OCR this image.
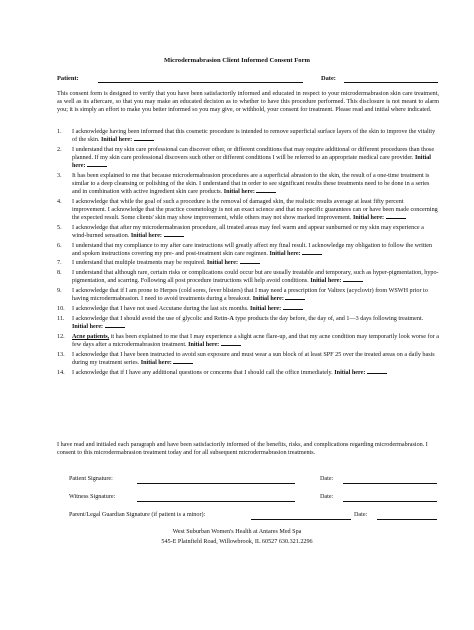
Microdermabrasion Client Informed Consent Form
Patient:	Date:
This consent form is designed to verify that you have been satisfactorily informed and educated in respect to your microdermabrasion skin care treatment, as well as its aftercare, so that you may make an educated decision as to whether to have this procedure performed. This disclosure is not meant to alarm you; it is simply an effort to make you better informed so you may give, or withhold, your consent for treatment. Please read and initial where indicated.
1. I acknowledge having been informed that this cosmetic procedure is intended to remove superficial surface layers of the skin to improve the vitality of the skin. Initial here:
2. I understand that my skin care professional can discover other, or different conditions that may require additional or different procedures than those planned. If my skin care professional discovers such other or different conditions I will be referred to an appropriate medical care provider. Initial here:
3. It has been explained to me that because microdermabrasion procedures are a superficial abrasion to the skin, the result of a one-time treatment is similar to a deep cleansing or polishing of the skin. I understand that in order to see significant results these treatments need to be done in a series and in combination with active ingredient skin care products. Initial here:
4. I acknowledge that while the goal of such a procedure is the removal of damaged skin, the realistic results average at least fifty percent improvement. I acknowledge that the practice cosmetology is not an exact science and that no specific guarantees can or have been made concerning the expected result. Some clients' skin may show improvement, while others may not show marked improvement. Initial here:
5. I acknowledge that after my microdermabrasion procedure, all treated areas may feel warm and appear sunburned or my skin may experience a wind-burned sensation. Initial here:
6. I understand that my compliance to my after care instructions will greatly affect my final result. I acknowledge my obligation to follow the written and spoken instructions covering my pre- and post-treatment skin care regimen. Initial here:
7. I understand that multiple treatments may be required. Initial here:
8. I understand that although rare, certain risks or complications could occur but are usually treatable and temporary, such as hyper-pigmentation, hypo-pigmentation, and scarring. Following all post procedure instructions will help avoid conditions. Initial here:
9. I acknowledge that if I am prone to Herpes (cold sores, fever blisters) that I may need a prescription for Valtrex (acyclovir) from WSWH prior to having microdermabrasion. I need to avoid treatments during a breakout. Initial here:
10. I acknowledge that I have not used Accutane during the last six months. Initial here:
11. I acknowledge that I should avoid the use of glycolic and Retin-A type products the day before, the day of, and 1—3 days following treatment. Initial here:
12. Acne patients, it has been explained to me that I may experience a slight acne flare-up, and that my acne condition may temporarily look worse for a few days after a microdermabrasion treatment. Initial here:
13. I acknowledge that I have been instructed to avoid sun exposure and must wear a sun block of at least SPF 25 over the treated areas on a daily basis during my treatment series. Initial here:
14. I acknowledge that if I have any additional questions or concerns that I should call the office immediately. Initial here:
I have read and initialed each paragraph and have been satisfactorily informed of the benefits, risks, and complications regarding microdermabrasion. I consent to this microdermabrasion treatment today and for all subsequent microdermabrasion treatments.
Patient Signature:	Date:
Witness Signature:	Date:
Parent/Legal Guardian Signature (if patient is a minor):	Date:
West Suburban Women's Health at Antares Med Spa
545-E Plainfield Road, Willowbrook, IL 60527 630.321.2296
